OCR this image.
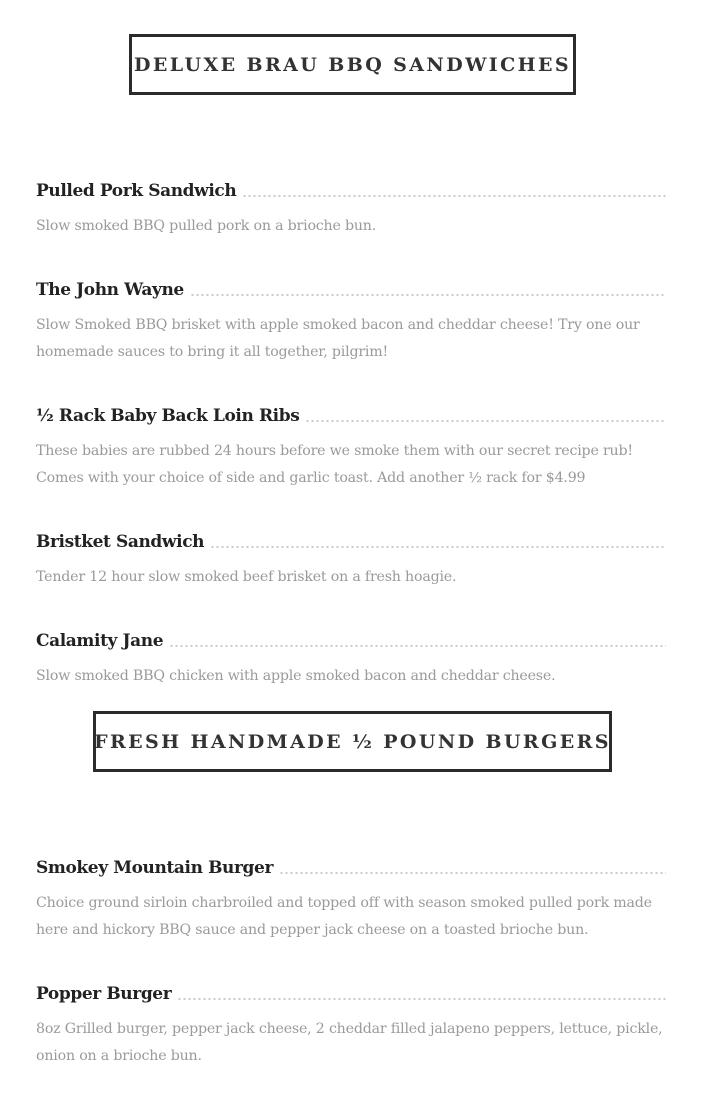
DELUXE BRAU BBQ SANDWICHES
Pulled Pork Sandwich
Slow smoked BBQ pulled pork on a brioche bun.
The John Wayne
Slow Smoked BBQ brisket with apple smoked bacon and cheddar cheese! Try one our homemade sauces to bring it all together, pilgrim!
½ Rack Baby Back Loin Ribs
These babies are rubbed 24 hours before we smoke them with our secret recipe rub! Comes with your choice of side and garlic toast. Add another ½ rack for $4.99
Bristket Sandwich
Tender 12 hour slow smoked beef brisket on a fresh hoagie.
Calamity Jane
Slow smoked BBQ chicken with apple smoked bacon and cheddar cheese.
FRESH HANDMADE ½ POUND BURGERS
Smokey Mountain Burger
Choice ground sirloin charbroiled and topped off with season smoked pulled pork made here and hickory BBQ sauce and pepper jack cheese on a toasted brioche bun.
Popper Burger
8oz Grilled burger, pepper jack cheese, 2 cheddar filled jalapeno peppers, lettuce, pickle, onion on a brioche bun.
